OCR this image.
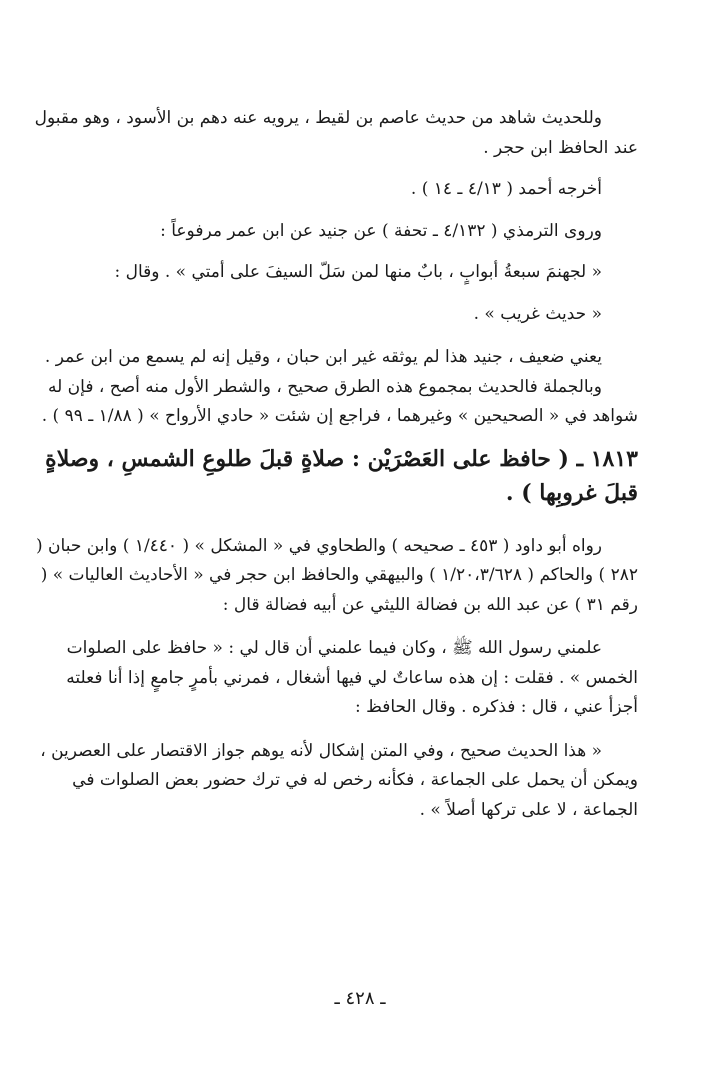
وللحديث شاهد من حديث عاصم بن لقيط ، يرويه عنه دهم بن الأسود ، وهو مقبول عند الحافظ ابن حجر .

أخرجه أحمد ( ٤/١٣ ـ ١٤ ) .

وروى الترمذي ( ٤/١٣٢ ـ تحفة ) عن جنيد عن ابن عمر مرفوعاً :

« لجهنمَ سبعةُ أبوابٍ ، بابٌ منها لمن سَلّ السيفَ على أمتي » . وقال :

« حديث غريب » .

يعني ضعيف ، جنيد هذا لم يوثقه غير ابن حبان ، وقيل إنه لم يسمع من ابن عمر .

وبالجملة فالحديث بمجموع هذه الطرق صحيح ، والشطر الأول منه أصح ، فإن له شواهد في « الصحيحين » وغيرهما ، فراجع إن شئت « حادي الأرواح » ( ١/٨٨ ـ ٩٩ ) .

١٨١٣ ـ ( حافظ على العَصْرَيْن : صلاةٍ قبلَ طلوعِ الشمسِ ، وصلاةٍ قبلَ غروبِها ) .

رواه أبو داود ( ٤٥٣ ـ صحيحه ) والطحاوي في « المشكل » ( ١/٤٤٠ ) وابن حبان ( ٢٨٢ ) والحاكم ( ١/٢٠،٣/٦٢٨ ) والبيهقي والحافظ ابن حجر في « الأحاديث العاليات » ( رقم ٣١ ) عن عبد الله بن فضالة الليثي عن أبيه فضالة قال :

علمني رسول الله ﷺ ، وكان فيما علمني أن قال لي : « حافظ على الصلوات الخمس » . فقلت : إن هذه ساعاتٌ لي فيها أشغال ، فمرني بأمرٍ جامعٍ إذا أنا فعلته أجزأ عني ، قال : فذكره . وقال الحافظ :

« هذا الحديث صحيح ، وفي المتن إشكال لأنه يوهم جواز الاقتصار على العصرين ، ويمكن أن يحمل على الجماعة ، فكأنه رخص له في ترك حضور بعض الصلوات في الجماعة ، لا على تركها أصلاً » .

ـ ٤٢٨ ـ
